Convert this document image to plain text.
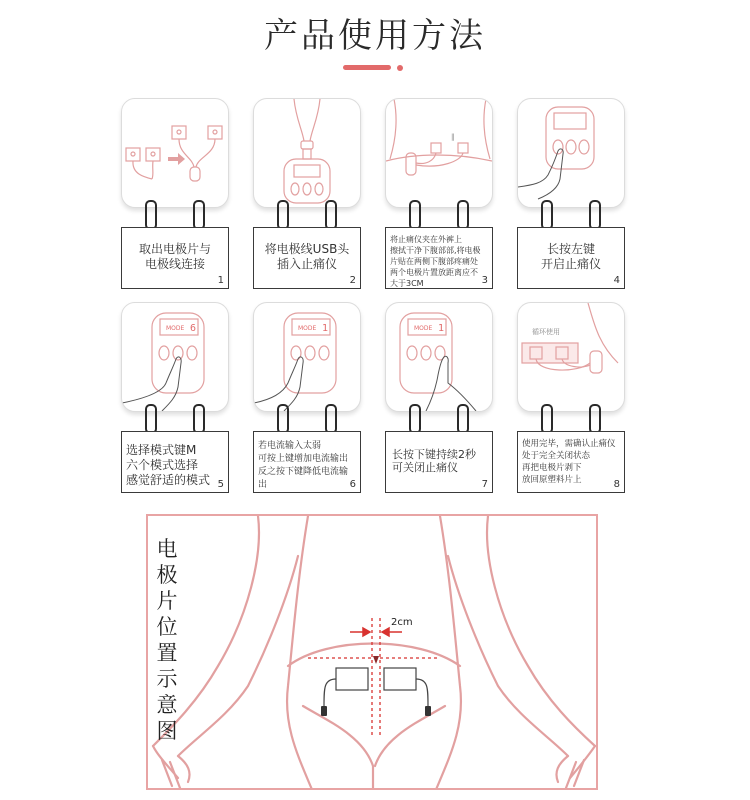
产品使用方法
取出电极片与
电极线连接
1
将电极线USB头
插入止痛仪
2
‖
将止痛仪夹在外裤上
擦拭干净下腹部部,将电极
片贴在两侧下腹部疼痛处
两个电极片置放距离应不
大于3CM	3
长按左键
开启止痛仪
4
MODE 6
选择模式键M
六个模式选择
感觉舒适的模式 5
MODE 1
若电流输入太弱
可按上键增加电流输出
反之按下键降低电流输出	6
MODE 1
长按下键持续2秒
可关闭止痛仪
7
循环使用
使用完毕，需确认止痛仪
处于完全关闭状态
再把电极片剥下
放回原塑料片上	8
电
极
片
位
置
示
意
图
2cm
